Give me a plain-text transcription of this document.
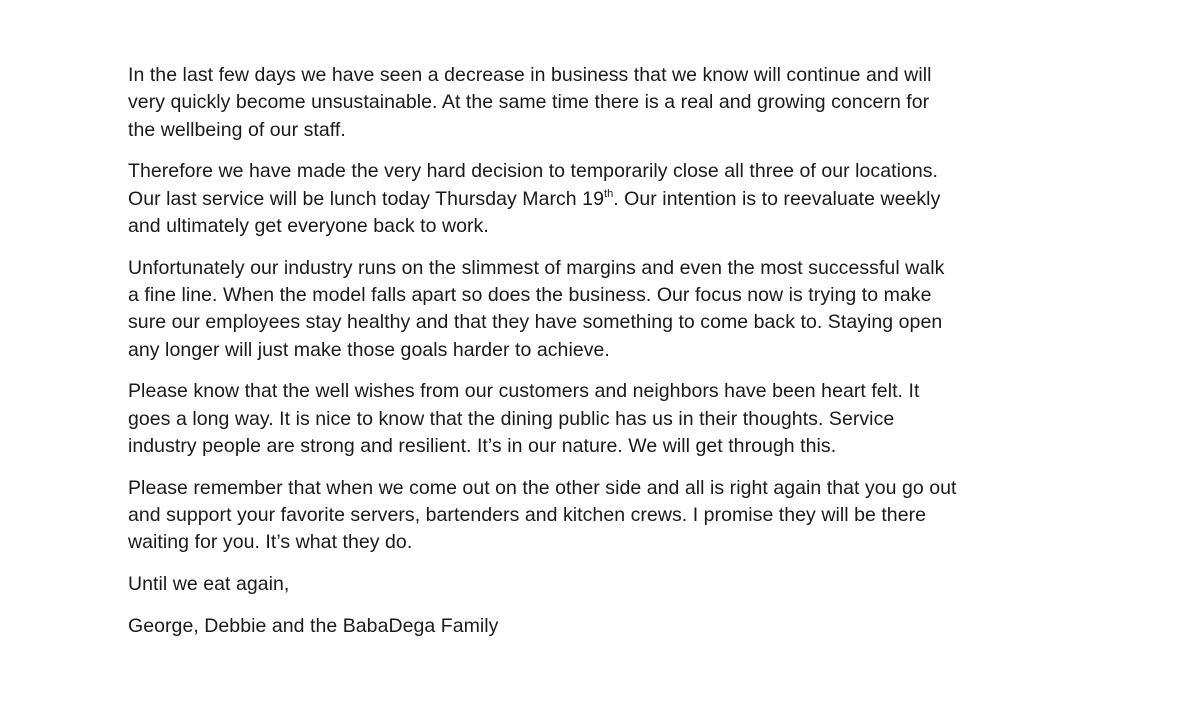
In the last few days we have seen a decrease in business that we know will continue and will
very quickly become unsustainable. At the same time there is a real and growing concern for
the wellbeing of our staff.

Therefore we have made the very hard decision to temporarily close all three of our locations.
Our last service will be lunch today Thursday March 19th. Our intention is to reevaluate weekly
and ultimately get everyone back to work.

Unfortunately our industry runs on the slimmest of margins and even the most successful walk
a fine line. When the model falls apart so does the business. Our focus now is trying to make
sure our employees stay healthy and that they have something to come back to. Staying open
any longer will just make those goals harder to achieve.

Please know that the well wishes from our customers and neighbors have been heart felt. It
goes a long way. It is nice to know that the dining public has us in their thoughts. Service
industry people are strong and resilient. It’s in our nature. We will get through this.

Please remember that when we come out on the other side and all is right again that you go out
and support your favorite servers, bartenders and kitchen crews. I promise they will be there
waiting for you. It’s what they do.

Until we eat again,

George, Debbie and the BabaDega Family
